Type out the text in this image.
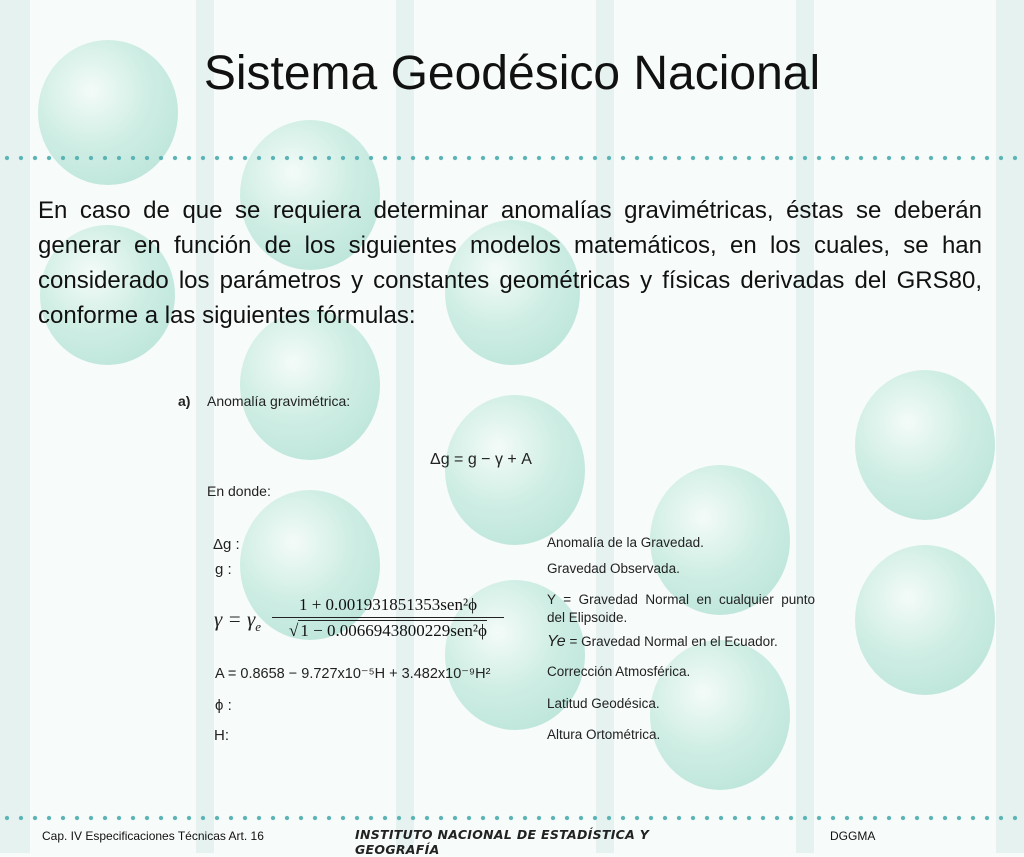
Sistema Geodésico Nacional
En caso de que se requiera determinar anomalías gravimétricas, éstas se deberán generar en función de los siguientes modelos matemáticos, en los cuales, se han considerado los parámetros y constantes geométricas y físicas derivadas del GRS80, conforme a las siguientes fórmulas:
a) Anomalía gravimétrica:
Δg = g − γ + A
En donde:
Δg :
g :
$\gamma = \gamma_e$
1 + 0.001931851353sen²ϕ
√ 1 − 0.0066943800229sen²ϕ
A = 0.8658 − 9.727x10⁻⁵H + 3.482x10⁻⁹H²
ϕ :
H:
Anomalía de la Gravedad.
Gravedad Observada.
Y  =  Gravedad  Normal  en  cualquier  punto
del Elipsoide.
Ye = Gravedad Normal en el Ecuador.
Corrección Atmosférica.
Latitud Geodésica.
Altura Ortométrica.
Cap. IV Especificaciones Técnicas Art. 16	INSTITUTO NACIONAL DE ESTADÍSTICA Y GEOGRAFÍA
DGGMA
